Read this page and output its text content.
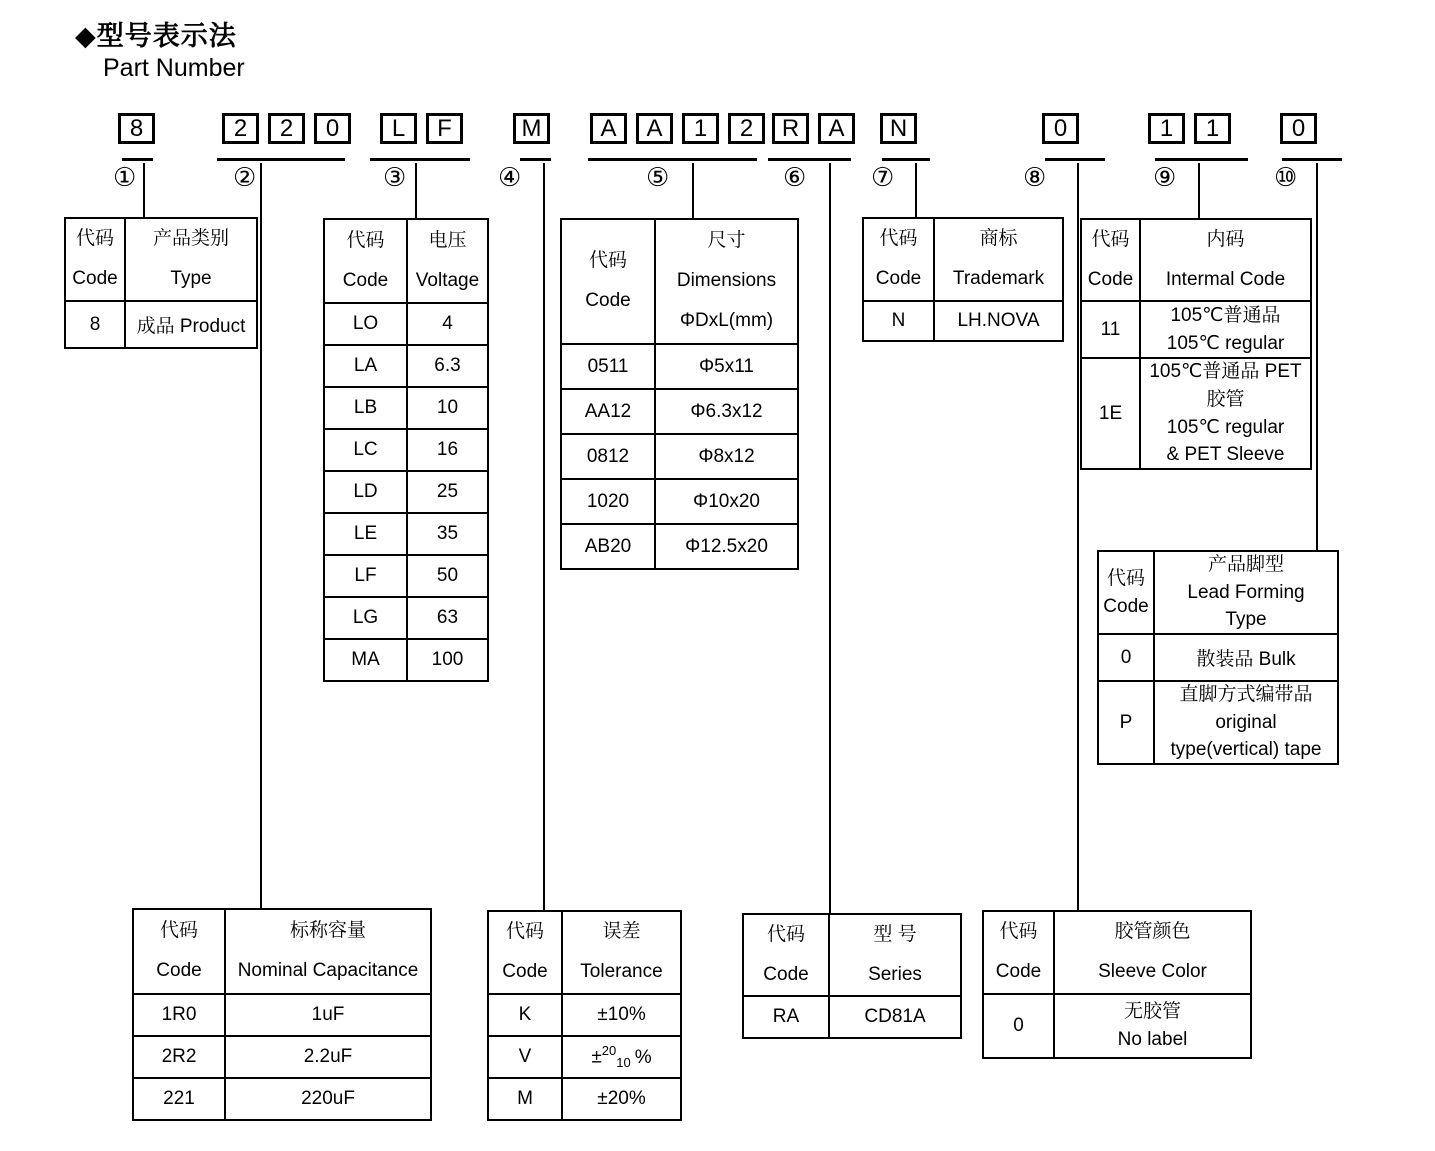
◆型号表示法
Part Number
8	2	2	0	L	F	M	A	A	1	2	R	A	N	0	1	1	0
①	②	③	④	⑤	⑥ ⑦	⑧	⑨	⑩
代码
Code

产品类别
Type

8	成品 Product
代码
Code

电压
Voltage

LO	4
LA	6.3
LB	10
LC	16
LD	25
LE	35
LF	50
LG	63
MA	100
代码
Code

尺寸
Dimensions
ΦDxL(mm)

0511	Φ5x11
AA12	Φ6.3x12
0812	Φ8x12
1020	Φ10x20
AB20	Φ12.5x20
代码
Code

商标
Trademark

N	LH.NOVA
代码
Code

内码
Intermal Code

11	105℃普通品
105℃ regular

1E	105℃普通品 PET
胶管
105℃ regular
& PET Sleeve
代码
Code

产品脚型
Lead Forming
Type

0	散装品 Bulk
P	直脚方式编带品
original
type(vertical) tape
代码
Code

标称容量
Nominal Capacitance

1R0	1uF
2R2	2.2uF
221	220uF
代码
Code

误差
Tolerance

K	±10%
V	±$^{20}_{10}$ %
M	±20%
代码
Code

型 号
Series

RA	CD81A
代码
Code

胶管颜色
Sleeve Color

0	无胶管
No label
